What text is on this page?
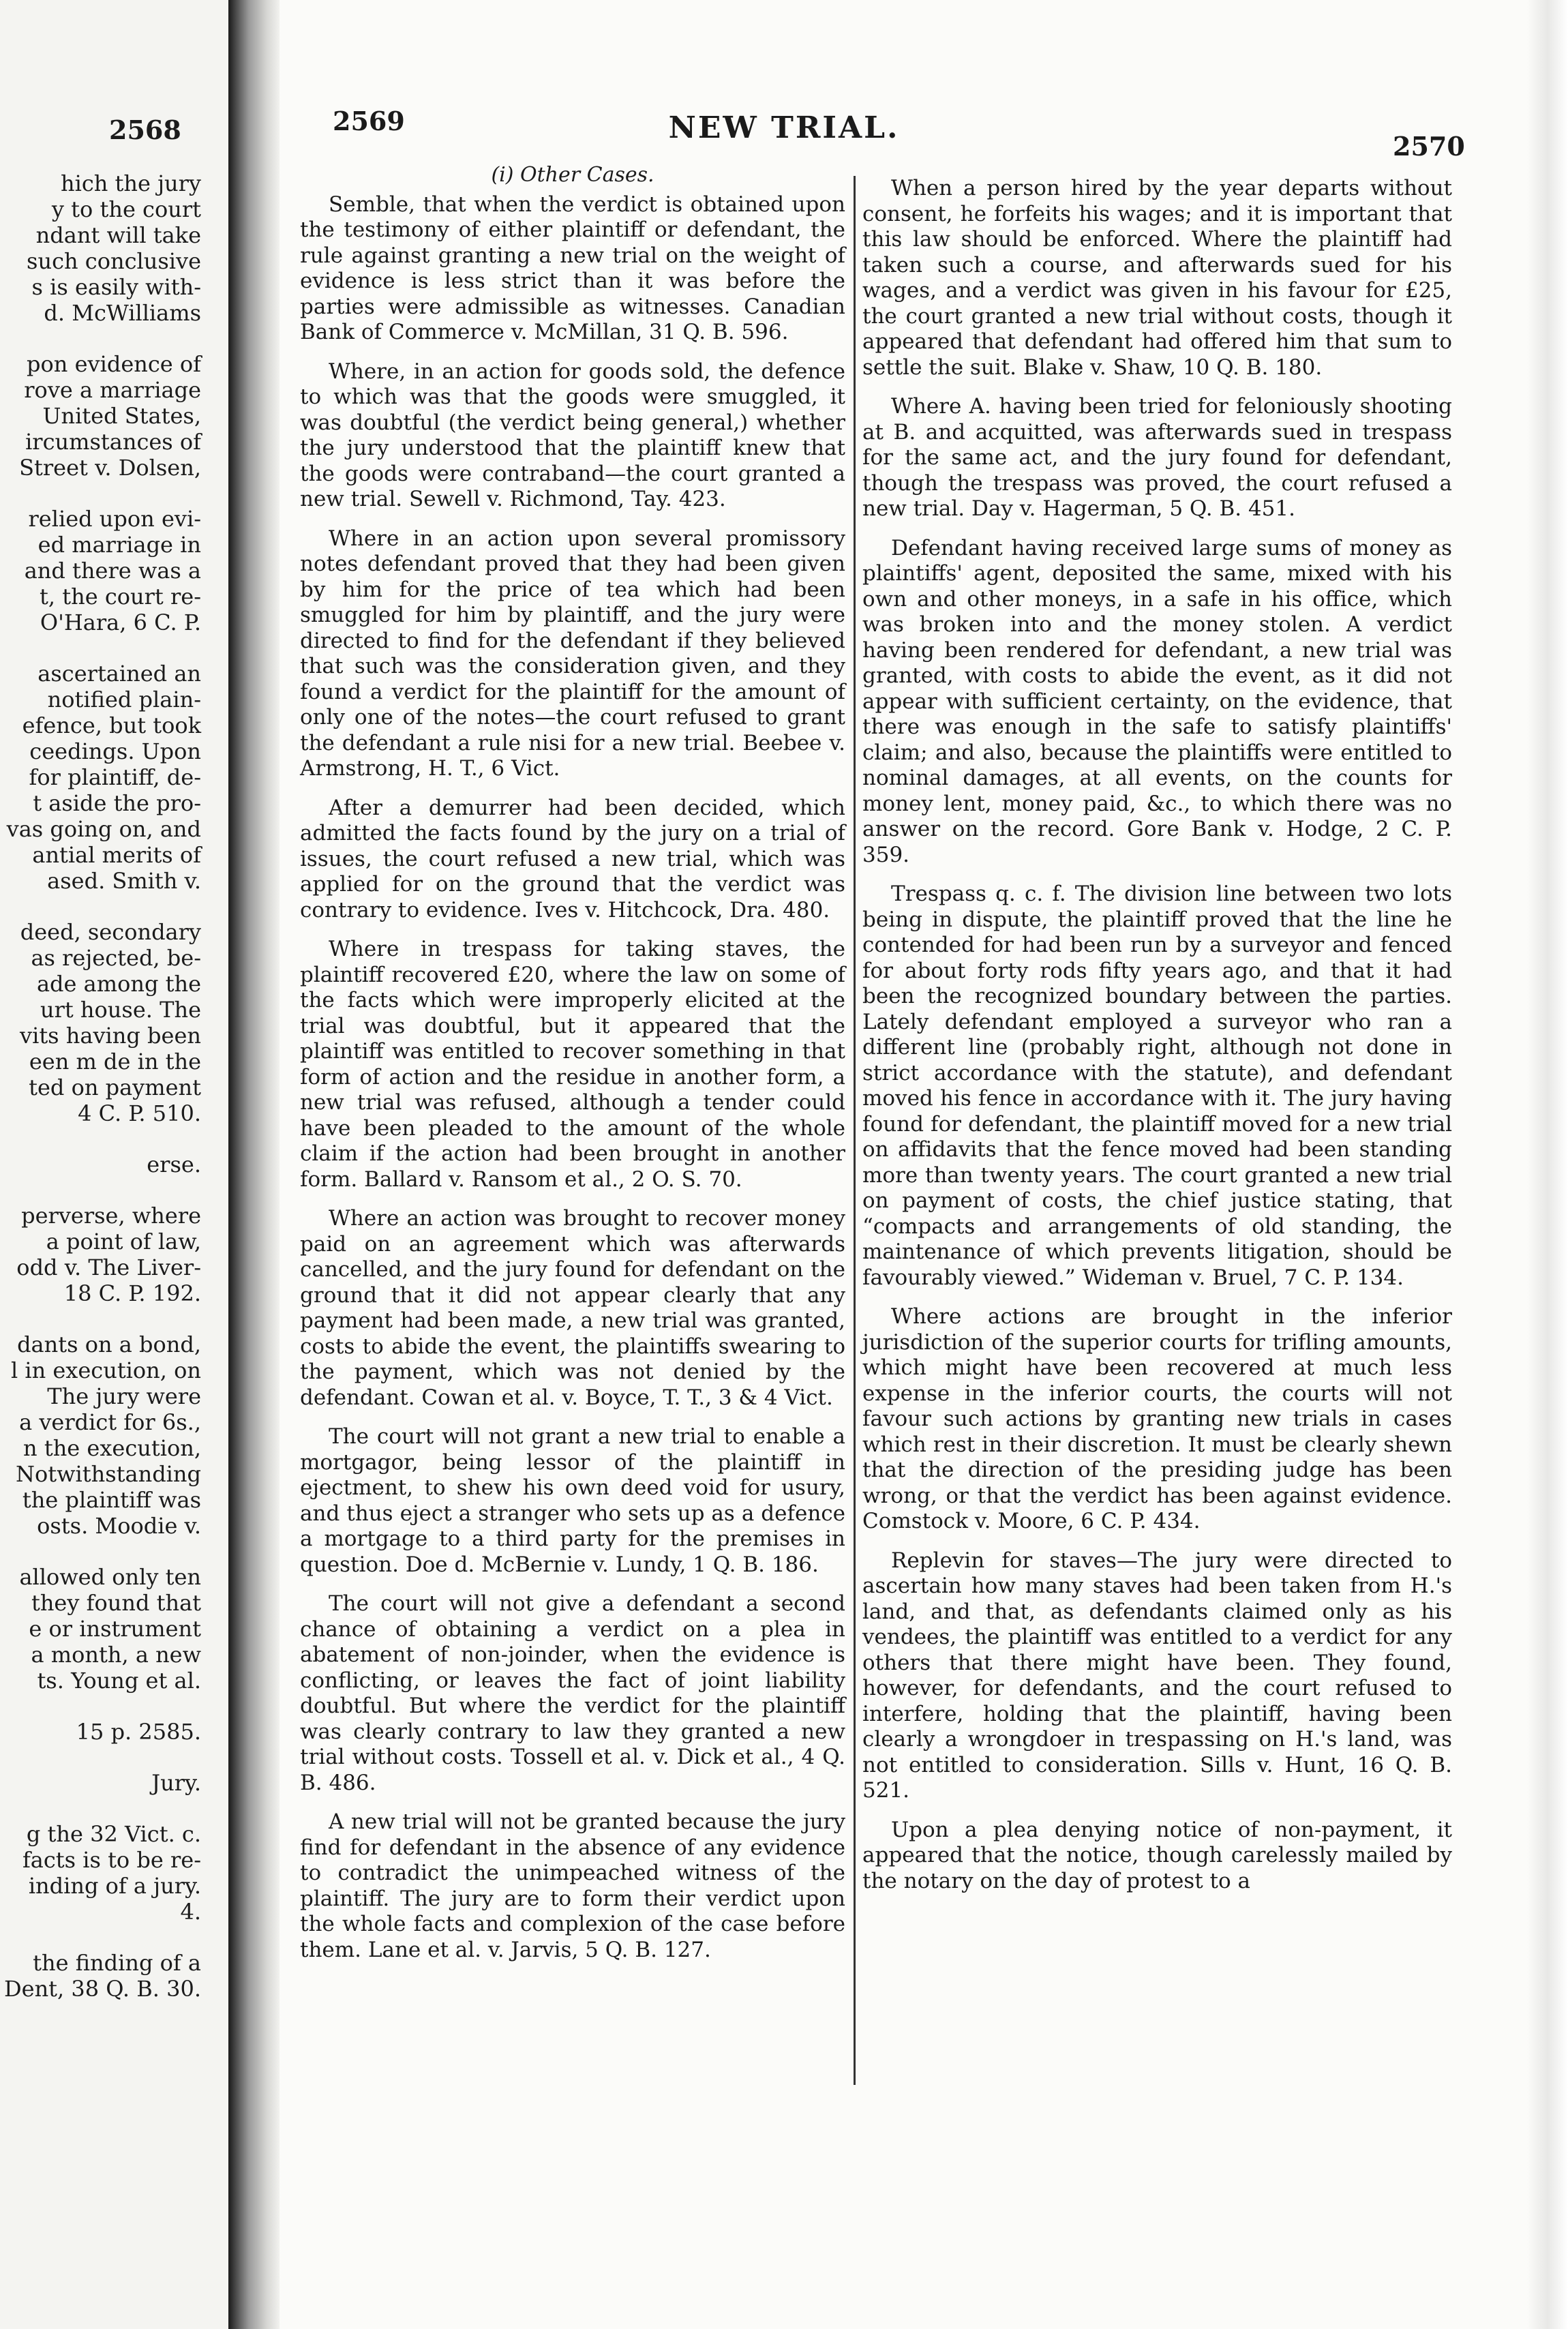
2568

hich the jury
y to the court
ndant will take
such conclusive
s is easily with-
d. McWilliams

pon evidence of
rove a marriage
United States,
ircumstances of
Street v. Dolsen,

relied upon evi-
ed marriage in
and there was a
t, the court re-
O'Hara, 6 C. P.

ascertained an
notified plain-
efence, but took
ceedings. Upon
for plaintiff, de-
t aside the pro-
vas going on, and
antial merits of
ased. Smith v.

deed, secondary
as rejected, be-
ade among the
urt house. The
vits having been
een m de in the
ted on payment
4 C. P. 510.

erse.

perverse, where
a point of law,
odd v. The Liver-
18 C. P. 192.

dants on a bond,
l in execution, on
The jury were
a verdict for 6s.,
n the execution,
Notwithstanding
the plaintiff was
osts. Moodie v.

allowed only ten
they found that
e or instrument
a month, a new
ts. Young et al.

15 p. 2585.

Jury.

g the 32 Vict. c.
facts is to be re-
inding of a jury.
4.

the finding of a
Dent, 38 Q. B. 30.

2569	NEW TRIAL.
2570
(i) Other Cases.

Semble, that when the verdict is obtained upon the testimony of either plaintiff or defendant, the rule against granting a new trial on the weight of evidence is less strict than it was before the parties were admissible as witnesses. Canadian Bank of Commerce v. McMillan, 31 Q. B. 596.

Where, in an action for goods sold, the defence to which was that the goods were smuggled, it was doubtful (the verdict being general,) whether the jury understood that the plaintiff knew that the goods were contraband—the court granted a new trial. Sewell v. Richmond, Tay. 423.

Where in an action upon several promissory notes defendant proved that they had been given by him for the price of tea which had been smuggled for him by plaintiff, and the jury were directed to find for the defendant if they believed that such was the consideration given, and they found a verdict for the plaintiff for the amount of only one of the notes—the court refused to grant the defendant a rule nisi for a new trial. Beebee v. Armstrong, H. T., 6 Vict.

After a demurrer had been decided, which admitted the facts found by the jury on a trial of issues, the court refused a new trial, which was applied for on the ground that the verdict was contrary to evidence. Ives v. Hitchcock, Dra. 480.

Where in trespass for taking staves, the plaintiff recovered £20, where the law on some of the facts which were improperly elicited at the trial was doubtful, but it appeared that the plaintiff was entitled to recover something in that form of action and the residue in another form, a new trial was refused, although a tender could have been pleaded to the amount of the whole claim if the action had been brought in another form. Ballard v. Ransom et al., 2 O. S. 70.

Where an action was brought to recover money paid on an agreement which was afterwards cancelled, and the jury found for defendant on the ground that it did not appear clearly that any payment had been made, a new trial was granted, costs to abide the event, the plaintiffs swearing to the payment, which was not denied by the defendant. Cowan et al. v. Boyce, T. T., 3 & 4 Vict.

The court will not grant a new trial to enable a mortgagor, being lessor of the plaintiff in ejectment, to shew his own deed void for usury, and thus eject a stranger who sets up as a defence a mortgage to a third party for the premises in question. Doe d. McBernie v. Lundy, 1 Q. B. 186.

The court will not give a defendant a second chance of obtaining a verdict on a plea in abatement of non-joinder, when the evidence is conflicting, or leaves the fact of joint liability doubtful. But where the verdict for the plaintiff was clearly contrary to law they granted a new trial without costs. Tossell et al. v. Dick et al., 4 Q. B. 486.

A new trial will not be granted because the jury find for defendant in the absence of any evidence to contradict the unimpeached witness of the plaintiff. The jury are to form their verdict upon the whole facts and complexion of the case before them. Lane et al. v. Jarvis, 5 Q. B. 127.

When a person hired by the year departs without consent, he forfeits his wages; and it is important that this law should be enforced. Where the plaintiff had taken such a course, and afterwards sued for his wages, and a verdict was given in his favour for £25, the court granted a new trial without costs, though it appeared that defendant had offered him that sum to settle the suit. Blake v. Shaw, 10 Q. B. 180.

Where A. having been tried for feloniously shooting at B. and acquitted, was afterwards sued in trespass for the same act, and the jury found for defendant, though the trespass was proved, the court refused a new trial. Day v. Hagerman, 5 Q. B. 451.

Defendant having received large sums of money as plaintiffs' agent, deposited the same, mixed with his own and other moneys, in a safe in his office, which was broken into and the money stolen. A verdict having been rendered for defendant, a new trial was granted, with costs to abide the event, as it did not appear with sufficient certainty, on the evidence, that there was enough in the safe to satisfy plaintiffs' claim; and also, because the plaintiffs were entitled to nominal damages, at all events, on the counts for money lent, money paid, &c., to which there was no answer on the record. Gore Bank v. Hodge, 2 C. P. 359.

Trespass q. c. f. The division line between two lots being in dispute, the plaintiff proved that the line he contended for had been run by a surveyor and fenced for about forty rods fifty years ago, and that it had been the recognized boundary between the parties. Lately defendant employed a surveyor who ran a different line (probably right, although not done in strict accordance with the statute), and defendant moved his fence in accordance with it. The jury having found for defendant, the plaintiff moved for a new trial on affidavits that the fence moved had been standing more than twenty years. The court granted a new trial on payment of costs, the chief justice stating, that “compacts and arrangements of old standing, the maintenance of which prevents litigation, should be favourably viewed.” Wideman v. Bruel, 7 C. P. 134.

Where actions are brought in the inferior jurisdiction of the superior courts for trifling amounts, which might have been recovered at much less expense in the inferior courts, the courts will not favour such actions by granting new trials in cases which rest in their discretion. It must be clearly shewn that the direction of the presiding judge has been wrong, or that the verdict has been against evidence. Comstock v. Moore, 6 C. P. 434.

Replevin for staves—The jury were directed to ascertain how many staves had been taken from H.'s land, and that, as defendants claimed only as his vendees, the plaintiff was entitled to a verdict for any others that there might have been. They found, however, for defendants, and the court refused to interfere, holding that the plaintiff, having been clearly a wrongdoer in trespassing on H.'s land, was not entitled to consideration. Sills v. Hunt, 16 Q. B. 521.

Upon a plea denying notice of non-payment, it appeared that the notice, though carelessly mailed by the notary on the day of protest to a
